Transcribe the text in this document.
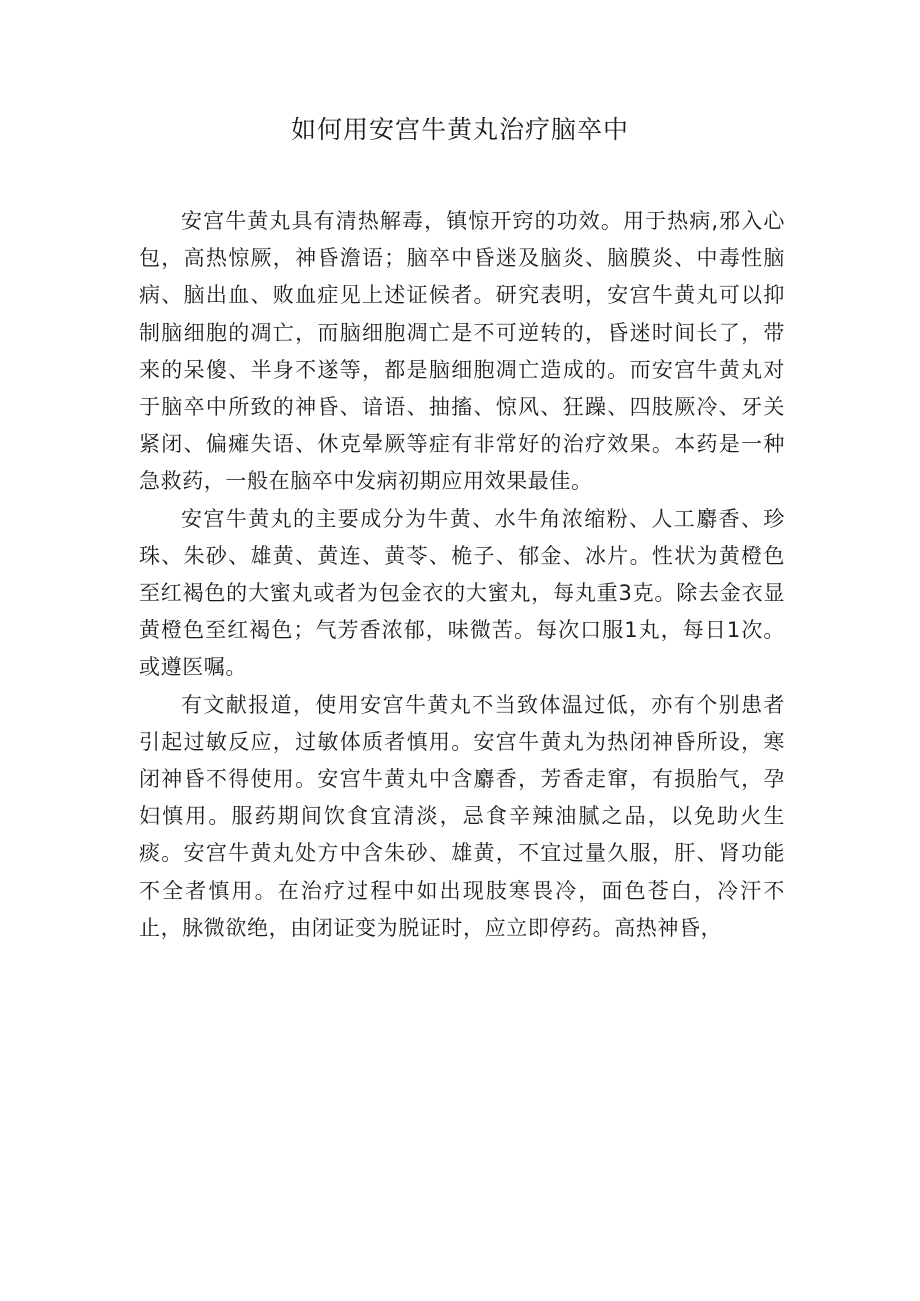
如何用安宫牛黄丸治疗脑卒中

安宫牛黄丸具有清热解毒，镇惊开窍的功效。用于热病,邪入心包，高热惊厥，神昏澹语；脑卒中昏迷及脑炎、脑膜炎、中毒性脑病、脑出血、败血症见上述证候者。研究表明，安宫牛黄丸可以抑制脑细胞的凋亡，而脑细胞凋亡是不可逆转的，昏迷时间长了，带来的呆傻、半身不遂等，都是脑细胞凋亡造成的。而安宫牛黄丸对于脑卒中所致的神昏、谙语、抽搐、惊风、狂躁、四肢厥冷、牙关紧闭、偏瘫失语、休克晕厥等症有非常好的治疗效果。本药是一种急救药，一般在脑卒中发病初期应用效果最佳。

安宫牛黄丸的主要成分为牛黄、水牛角浓缩粉、人工麝香、珍珠、朱砂、雄黄、黄连、黄苓、桅子、郁金、冰片。性状为黄橙色至红褐色的大蜜丸或者为包金衣的大蜜丸，每丸重3克。除去金衣显黄橙色至红褐色；气芳香浓郁，味微苦。每次口服1丸，每日1次。或遵医嘱。

有文献报道，使用安宫牛黄丸不当致体温过低，亦有个别患者引起过敏反应，过敏体质者慎用。安宫牛黄丸为热闭神昏所设，寒闭神昏不得使用。安宫牛黄丸中含麝香，芳香走窜，有损胎气，孕妇慎用。服药期间饮食宜清淡，忌食辛辣油腻之品，以免助火生痰。安宫牛黄丸处方中含朱砂、雄黄，不宜过量久服，肝、肾功能不全者慎用。在治疗过程中如出现肢寒畏冷，面色苍白，冷汗不止，脉微欲绝，由闭证变为脱证时，应立即停药。高热神昏，
